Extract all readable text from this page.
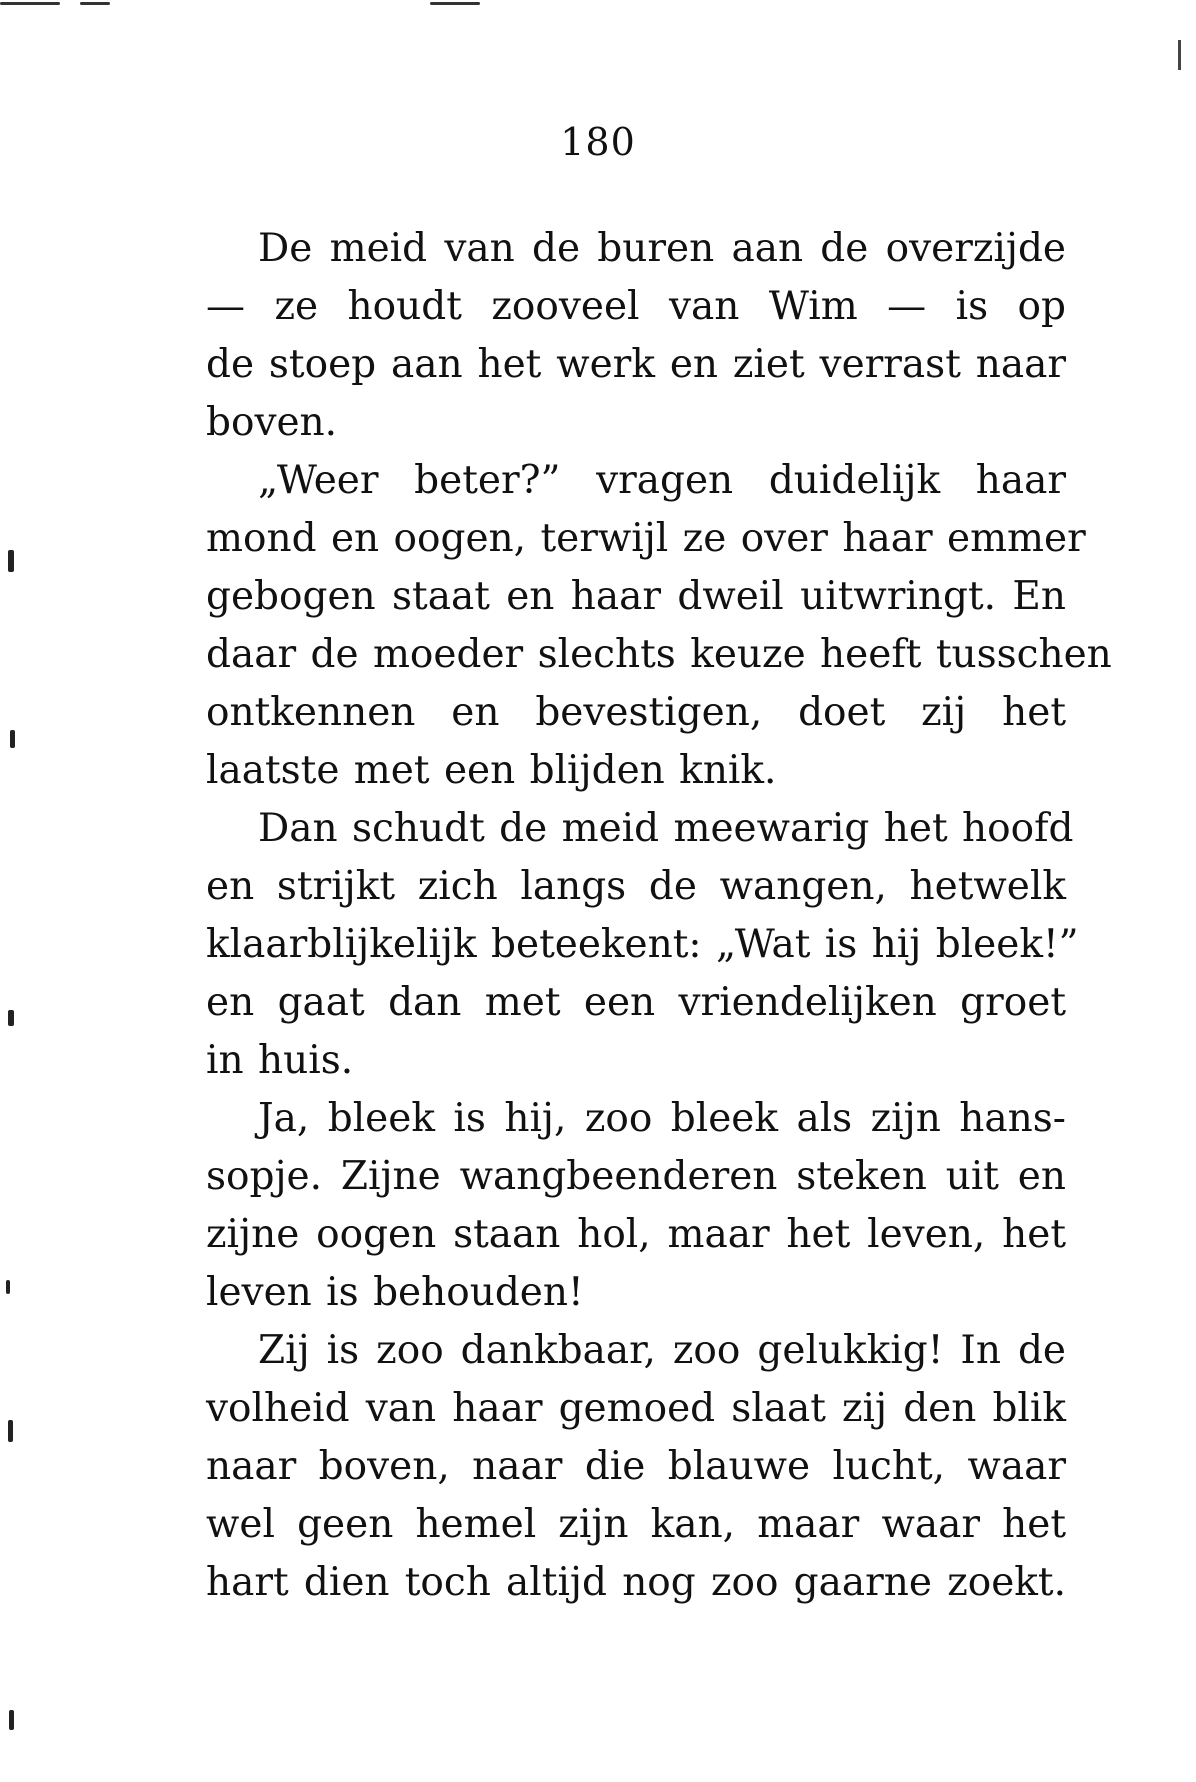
180

De meid van de buren aan de overzijde
— ze houdt zooveel van Wim — is op
de stoep aan het werk en ziet verrast naar
boven.

„Weer beter?” vragen duidelijk haar
mond en oogen, terwijl ze over haar emmer
gebogen staat en haar dweil uitwringt. En
daar de moeder slechts keuze heeft tusschen
ontkennen en bevestigen, doet zij het
laatste met een blijden knik.

Dan schudt de meid meewarig het hoofd
en strijkt zich langs de wangen, hetwelk
klaarblijkelijk beteekent: „Wat is hij bleek!”
en gaat dan met een vriendelijken groet
in huis.

Ja, bleek is hij, zoo bleek als zijn hans-
sopje. Zijne wangbeenderen steken uit en
zijne oogen staan hol, maar het leven, het
leven is behouden!

Zij is zoo dankbaar, zoo gelukkig! In de
volheid van haar gemoed slaat zij den blik
naar boven, naar die blauwe lucht, waar
wel geen hemel zijn kan, maar waar het
hart dien toch altijd nog zoo gaarne zoekt.
